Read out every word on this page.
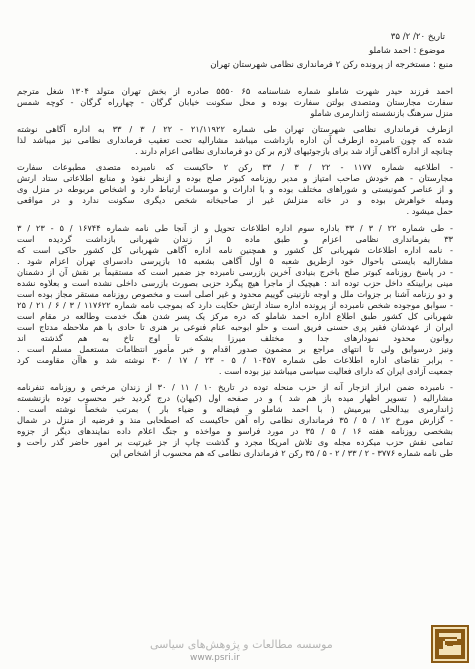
تاریخ ۲۰/ ۲/ ۳۵
موضوع : احمد شاملو
منبع : مستخرجه از پرونده رکن ۲ فرمانداری نظامی شهرستان تهران
احمد فرزند حیدر شهرت شاملو شماره شناسنامه ۶۵ ۵۵۵۰ صادره از بخش تهران متولد ۱۳۰۴ شغل مترجم
سفارت مجارستان ومتصدی بولتن سفارت بوده و محل سکونت خیابان گرگان - چهارراه گرگان - کوچه شمس
منزل سرهنگ بازنشسته ژاندارمری شاملو
ازطرف فرمانداری نظامی شهرستان تهران طی شماره ۲۱/۱۱۹۲۲ - ۲۲ / ۳ / ۳۳ به اداره آگاهی نوشته
شده که چون نامبرده ازطرف آن اداره بازداشت میباشد مشارالیه تحت تعقیب فرمانداری نظامی نیز میباشد لذا
چنانچه از اداره آگاهی آزاد شد برای بازجوئیهای لازم بر کن دو فرمانداری نظامی اعزام دارند .
- اطلاعیه شماره ۱۱۷۷ - ۲۲ / ۳ / ۳۳ رکن ۲ حاکیست که نامبرده متصدی مطبوعات سفارت
مجارستان - هم خودش صاحب امتیاز و مدیر روزنامه کبوتر صلح بوده و ازنظر نفوذ و منابع اطلاعاتی ستاد ارتش
و از عناصر کمونیستی و شوراهای مختلف بوده و با ادارات و موسسات ارتباط دارد و اشخاص مربوطه در منزل وی
ومیله خواهرش بوده و در خانه منزلش غیر از صاحبخانه شخص دیگری سکونت ندارد و در مواقعی
حمل میشود .
- طی شماره ۲۲ / ۳ / ۳۳ باداره سوم اداره اطلاعات تحویل و از آنجا طی نامه شماره ۱۶۷۴۴ / ۵ - ۲۳ / ۳
۳۳ بفرمانداری نظامی اعزام و طبق ماده ۵ از زندان شهربانی بازداشت گردیده است
- نامه اداره اطلاعات شهربانی کل کشور و همچنین نامه اداره آگاهی شهربانی کل کشور حاکی است که
مشارالیه بایستی باحوال خود ازطریق شعبه ۵ اول آگاهی بشعبه ۱۵ بازپرسی دادسرای تهران اعزام شود .
- در پاسخ روزنامه کبوتر صلح باخرج بنیادی آخرین بازرسی نامبرده جز ضمیر است که مستقیماً بر نقش آن از دشمنان
مینی برابینکه داخل حزب توده اند : هیچیک از ماجرا هیچ پیگرد حزبی بصورت بازرسی داخلی نشده است و بعلاوه نشده
و دو رزنامه آشنا بر جزوات ملل و اوجه نازنینی گوییم محدود و غیر اصلی است و مخصوص روزنامه مستقر مجاز بوده است
- سوابق موجوده شخص نامبرده از پرونده اداره ستاد ارتش حکایت دارد که بموجب نامه شماره ۱۱۷۶۲۲ / ۳ / ۶ / ۲۱ / ۲۵
شهربانی کل کشور طبق اطلاع اداره احمد شاملو که دره مرکز یک پسر شدن هنگ خدمت وطالعه در مقام است
ایران از عهدشان فقیر پری حسنی فریق است و حلو ابوحبه عنام فنوعی بر هنری تا حادی با هم ملاحظه مدتاج است
روانون محدود نمودارهای جدا و مختلف میرزا بشکه تا اوج تاخ به هم گذشته اند
ونیز درسوابق ولی تا انتهای مراجع بر مضمون صدور اقدام و خبر مأمور انتظامات مستعمل مسلم است .
- برابر تقاضای اداره اطلاعات طی شماره ۱۰۴۵۷ / ۵ - ۲۳ / ۱۷ / ۳۰ نوشته شد و هاآن مقاومت کرد
جمعیت آزادی ایران که دارای فعالیت سیاسی میباشد نیز بوده است .
- نامبرده ضمن ابراز انزجار آنه از حزب منحله توده در تاریخ ۱۰ / ۱۱ / ۳۰ از زندان مرخص و روزنامه تنفرنامه
مشارالیه ( تسویر اظهار میده باز هم شد ) و در صفحه اول (کیهان) درج گردید خبر محسوب توده بازنشسته
ژاندارمری بیدالحلی بیرمیش ( با احمد شاملو و فیضاله و ضیاء بار ) بمرتب شخصاً نوشته است .
- گزارش مورخ ۱۲ / ۵ / ۳۵ فرمانداری نظامی راه آهن حاکیست که اصطحابی منذ و فرضیه از منزل در شمال
بشخصی روزنامه هفته ۱۶ / ۵ / ۳۵ در مورد فراسو و مواخذه و جنگ اعلام داده نمایندهای دیگر از جزوه
تمامی نقش حزب میکرده مجله وی تلاش امریکا مجرد و گذشت چاپ از جز غیرتیت بر امور حاضر گذر راحت و
طی نامه شماره ۳۷۷۶ - ۲ / ۳۳ / ۲ - ۵ / ۳۵ رکن ۲ فرمانداری نظامی که هم محسوب از اشخاص این
موسسه مطالعات و پژوهش‌های سیاسی
www.psri.ir
